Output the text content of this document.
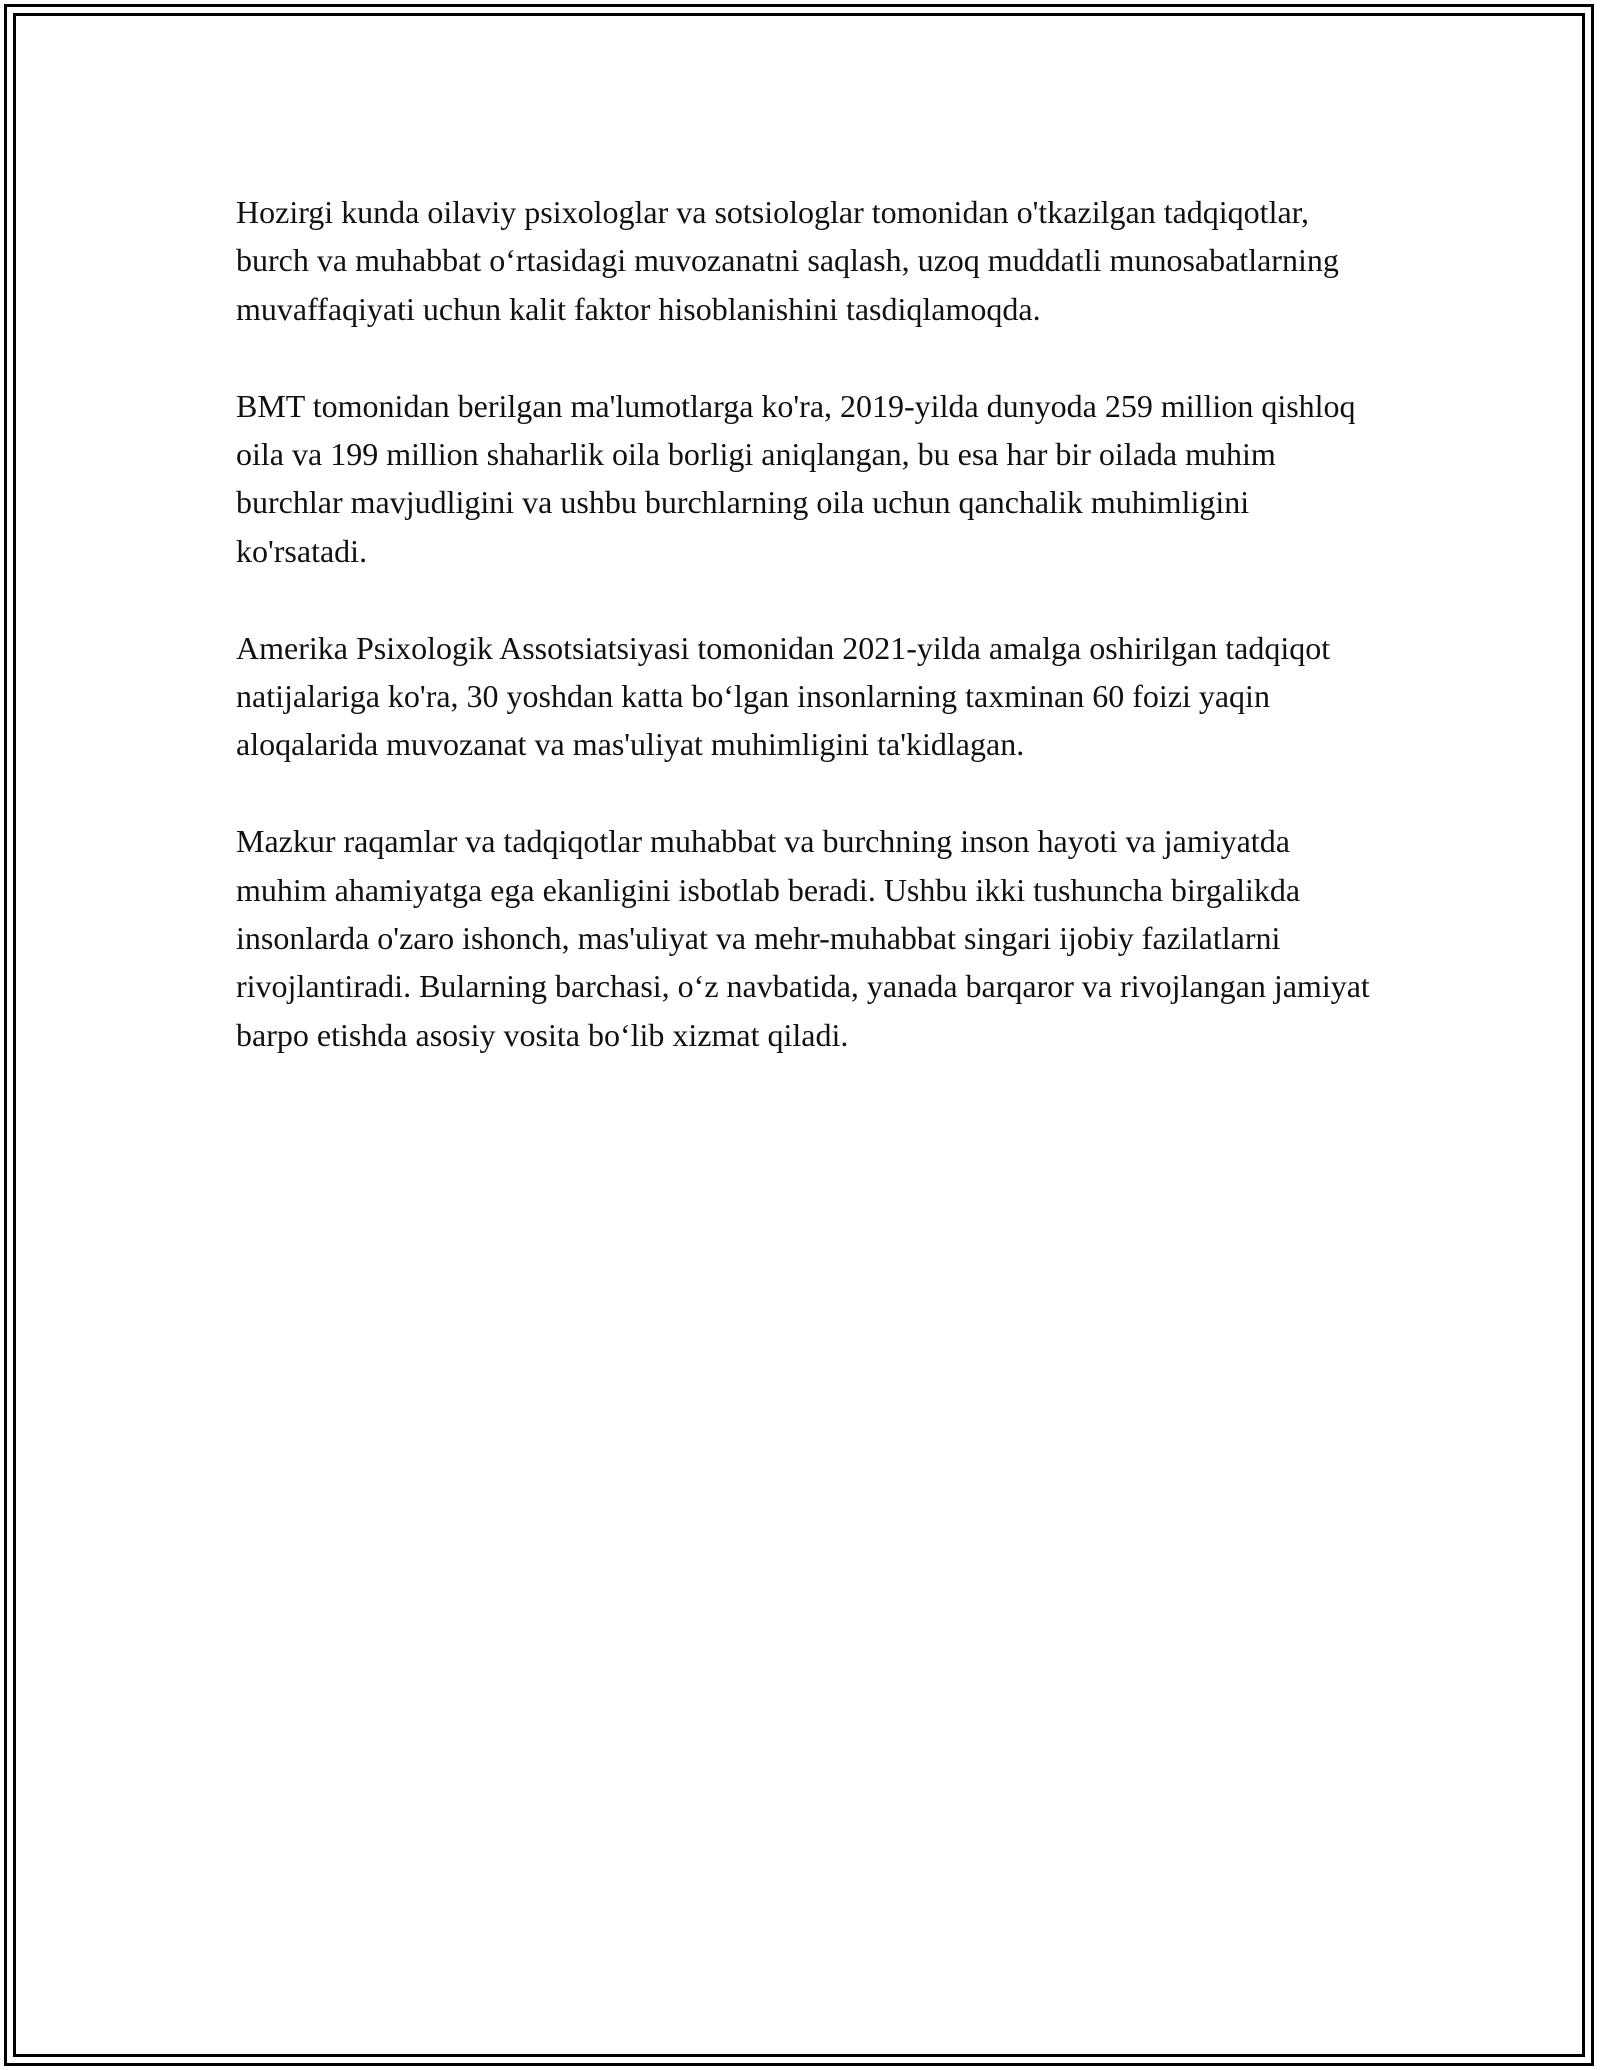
Hozirgi kunda oilaviy psixologlar va sotsiologlar tomonidan o'tkazilgan tadqiqotlar, burch va muhabbat o‘rtasidagi muvozanatni saqlash, uzoq muddatli munosabatlarning muvaffaqiyati uchun kalit faktor hisoblanishini tasdiqlamoqda.

BMT tomonidan berilgan ma'lumotlarga ko'ra, 2019-yilda dunyoda 259 million qishloq oila va 199 million shaharlik oila borligi aniqlangan, bu esa har bir oilada muhim burchlar mavjudligini va ushbu burchlarning oila uchun qanchalik muhimligini ko'rsatadi.

Amerika Psixologik Assotsiatsiyasi tomonidan 2021-yilda amalga oshirilgan tadqiqot natijalariga ko'ra, 30 yoshdan katta bo‘lgan insonlarning taxminan 60 foizi yaqin aloqalarida muvozanat va mas'uliyat muhimligini ta'kidlagan.

Mazkur raqamlar va tadqiqotlar muhabbat va burchning inson hayoti va jamiyatda muhim ahamiyatga ega ekanligini isbotlab beradi. Ushbu ikki tushuncha birgalikda insonlarda o'zaro ishonch, mas'uliyat va mehr-muhabbat singari ijobiy fazilatlarni rivojlantiradi. Bularning barchasi, o‘z navbatida, yanada barqaror va rivojlangan jamiyat barpo etishda asosiy vosita bo‘lib xizmat qiladi.
